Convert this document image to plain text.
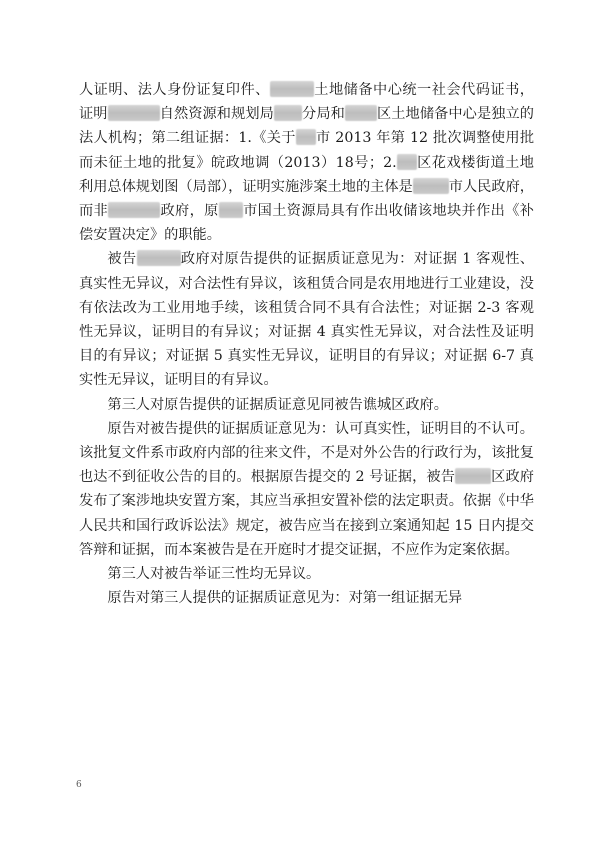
人证明、法人身份证复印件、	土地储备中心统一社会代码证书，证明	自然资源和规划局 分局和 区土地储备中心是独立的法人机构；第二组证据：1.《关于 市 2013 年第 12 批次调整使用批而未征土地的批复》皖政地调（2013）18号；2. 区花戏楼街道土地利用总体规划图（局部），证明实施涉案土地的主体是	市人民政府，而非	政府，原 市国土资源局具有作出收储该地块并作出《补偿安置决定》的职能。

被告	政府对原告提供的证据质证意见为：对证据 1 客观性、真实性无异议，对合法性有异议，该租赁合同是农用地进行工业建设，没有依法改为工业用地手续，该租赁合同不具有合法性；对证据 2-3 客观性无异议，证明目的有异议；对证据 4 真实性无异议，对合法性及证明目的有异议；对证据 5 真实性无异议，证明目的有异议；对证据 6-7 真实性无异议，证明目的有异议。

第三人对原告提供的证据质证意见同被告谯城区政府。

原告对被告提供的证据质证意见为：认可真实性，证明目的不认可。该批复文件系市政府内部的往来文件，不是对外公告的行政行为，该批复也达不到征收公告的目的。根据原告提交的 2 号证据，被告	区政府发布了案涉地块安置方案，其应当承担安置补偿的法定职责。依据《中华人民共和国行政诉讼法》规定，被告应当在接到立案通知起 15 日内提交答辩和证据，而本案被告是在开庭时才提交证据，不应作为定案依据。

第三人对被告举证三性均无异议。

原告对第三人提供的证据质证意见为：对第一组证据无异

6
